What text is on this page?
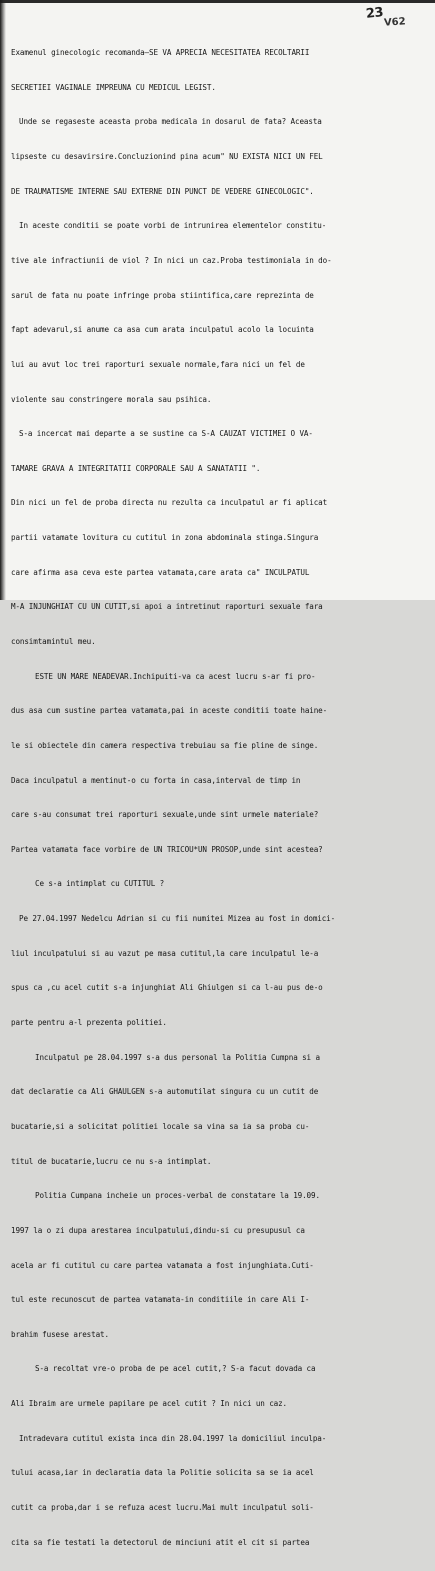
23
V62

Examenul ginecologic recomanda—SE VA APRECIA NECESITATEA RECOLTARII

SECRETIEI VAGINALE IMPREUNA CU MEDICUL LEGIST.

Unde se regaseste aceasta proba medicala in dosarul de fata? Aceasta

lipseste cu desavirsire.Concluzionind pina acum" NU EXISTA NICI UN FEL

DE TRAUMATISME INTERNE SAU EXTERNE DIN PUNCT DE VEDERE GINECOLOGIC".

In aceste conditii se poate vorbi de intrunirea elementelor constitu-

tive ale infractiunii de viol ? In nici un caz.Proba testimoniala in do-

sarul de fata nu poate infringe proba stiintifica,care reprezinta de

fapt adevarul,si anume ca asa cum arata inculpatul acolo la locuinta

lui au avut loc trei raporturi sexuale normale,fara nici un fel de

violente sau constringere morala sau psihica.

S-a incercat mai departe a se sustine ca S-A CAUZAT VICTIMEI O VA-

TAMARE GRAVA A INTEGRITATII CORPORALE SAU A SANATATII ".

Din nici un fel de proba directa nu rezulta ca inculpatul ar fi aplicat

partii vatamate lovitura cu cutitul in zona abdominala stinga.Singura

care afirma asa ceva este partea vatamata,care arata ca" INCULPATUL

M-A INJUNGHIAT CU UN CUTIT,si apoi a intretinut raporturi sexuale fara

consimtamintul meu.

ESTE UN MARE NEADEVAR.Inchipuiti-va ca acest lucru s-ar fi pro-

dus asa cum sustine partea vatamata,pai in aceste conditii toate haine-

le si obiectele din camera respectiva trebuiau sa fie pline de singe.

Daca inculpatul a mentinut-o cu forta in casa,interval de timp in

care s-au consumat trei raporturi sexuale,unde sint urmele materiale?

Partea vatamata face vorbire de UN TRICOU*UN PROSOP,unde sint acestea?

Ce s-a intimplat cu CUTITUL ?

Pe 27.04.1997 Nedelcu Adrian si cu fii numitei Mizea au fost in domici-

liul inculpatului si au vazut pe masa cutitul,la care inculpatul le-a

spus ca ,cu acel cutit s-a injunghiat Ali Ghiulgen si ca l-au pus de-o

parte pentru a-l prezenta politiei.

Inculpatul pe 28.04.1997 s-a dus personal la Politia Cumpna si a

dat declaratie ca Ali GHAULGEN s-a automutilat singura cu un cutit de

bucatarie,si a solicitat politiei locale sa vina sa ia sa proba cu-

titul de bucatarie,lucru ce nu s-a intimplat.

Politia Cumpana incheie un proces-verbal de constatare la 19.09.

1997 la o zi dupa arestarea inculpatului,dindu-si cu presupusul ca

acela ar fi cutitul cu care partea vatamata a fost injunghiata.Cuti-

tul este recunoscut de partea vatamata-in conditiile in care Ali I-

brahim fusese arestat.

S-a recoltat vre-o proba de pe acel cutit,? S-a facut dovada ca

Ali Ibraim are urmele papilare pe acel cutit ? In nici un caz.

Intradevara cutitul exista inca din 28.04.1997 la domiciliul inculpa-

tului acasa,iar in declaratia data la Politie solicita sa se ia acel

cutit ca proba,dar i se refuza acest lucru.Mai mult inculpatul soli-

cita sa fie testati la detectorul de minciuni atit el cit si partea
